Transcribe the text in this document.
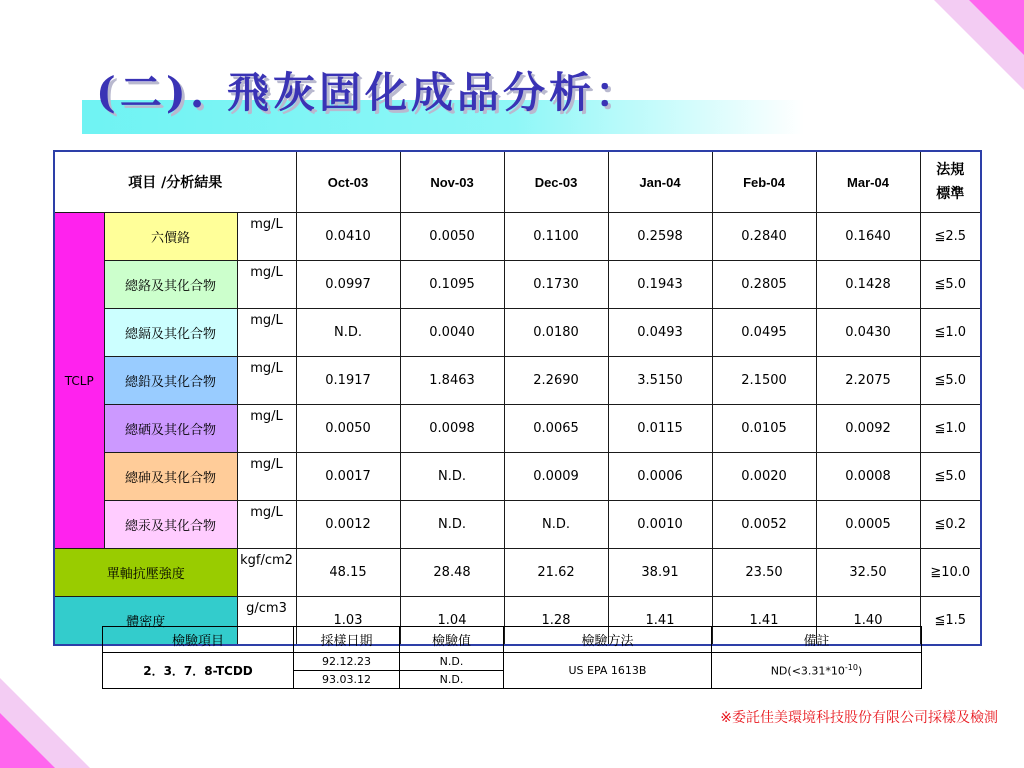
(二). 飛灰固化成品分析：
項目 /分析結果			Oct-03	Nov-03	Dec-03	Jan-04	Feb-04	Mar-04	法規
標準
TCLP	六價鉻	mg/L	0.0410	0.0050	0.1100	0.2598	0.2840	0.1640	≦2.5
	總鉻及其化合物	mg/L	0.0997	0.1095	0.1730	0.1943	0.2805	0.1428	≦5.0
	總鎘及其化合物	mg/L	N.D.	0.0040	0.0180	0.0493	0.0495	0.0430	≦1.0
	總鉛及其化合物	mg/L	0.1917	1.8463	2.2690	3.5150	2.1500	2.2075	≦5.0
	總硒及其化合物	mg/L	0.0050	0.0098	0.0065	0.0115	0.0105	0.0092	≦1.0
	總砷及其化合物	mg/L	0.0017	N.D.	0.0009	0.0006	0.0020	0.0008	≦5.0
	總汞及其化合物	mg/L	0.0012	N.D.	N.D.	0.0010	0.0052	0.0005	≦0.2
單軸抗壓強度		kgf/cm2	48.15	28.48	21.62	38.91	23.50	32.50	≧10.0
體密度		g/cm3	1.03	1.04	1.28	1.41	1.41	1.40	≦1.5
檢驗項目	採樣日期	檢驗值	檢驗方法	備註
2．3．7．8-TCDD	92.12.23	N.D.	US EPA 1613B	$ND(<3.31*10^{-10})$
	93.03.12	N.D.		
※委託佳美環境科技股份有限公司採樣及檢測
